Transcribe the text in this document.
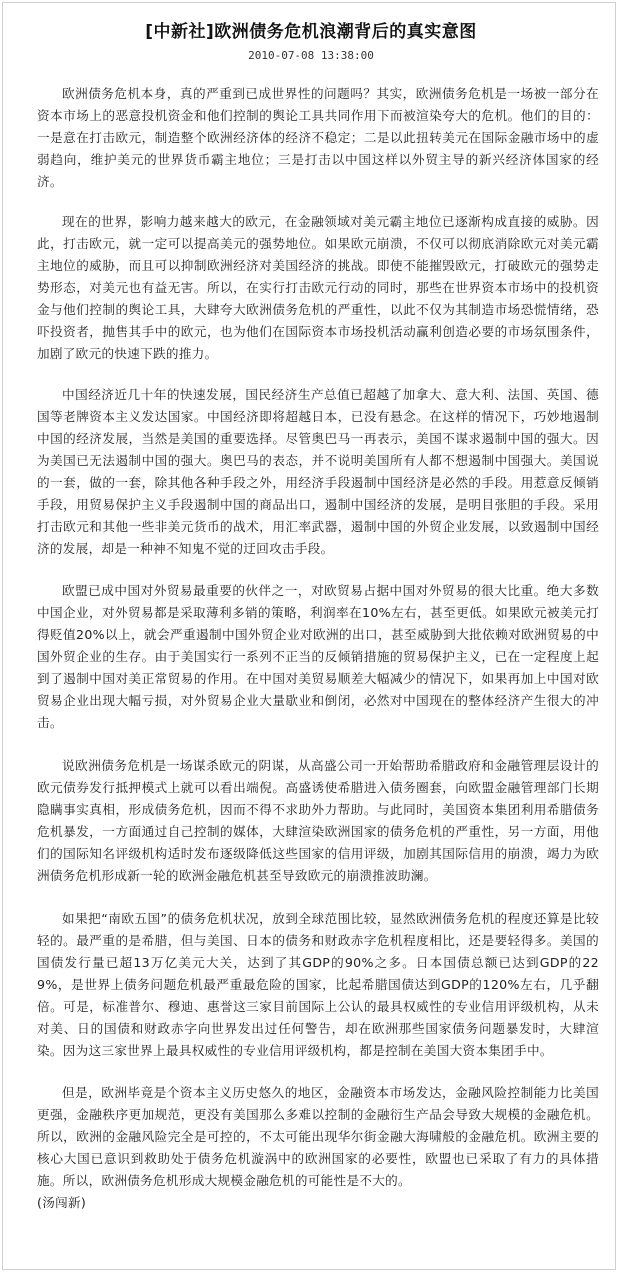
[中新社]欧洲债务危机浪潮背后的真实意图
2010-07-08 13:38:00

欧洲债务危机本身，真的严重到已成世界性的问题吗？其实，欧洲债务危机是一场被一部分在资本市场上的恶意投机资金和他们控制的舆论工具共同作用下而被渲染夸大的危机。他们的目的：一是意在打击欧元，制造整个欧洲经济体的经济不稳定；二是以此扭转美元在国际金融市场中的虚弱趋向，维护美元的世界货币霸主地位；三是打击以中国这样以外贸主导的新兴经济体国家的经济。

现在的世界，影响力越来越大的欧元，在金融领域对美元霸主地位已逐渐构成直接的威胁。因此，打击欧元，就一定可以提高美元的强势地位。如果欧元崩溃，不仅可以彻底消除欧元对美元霸主地位的威胁，而且可以抑制欧洲经济对美国经济的挑战。即使不能摧毁欧元，打破欧元的强势走势形态，对美元也有益无害。所以，在实行打击欧元行动的同时，那些在世界资本市场中的投机资金与他们控制的舆论工具，大肆夸大欧洲债务危机的严重性，以此不仅为其制造市场恐慌情绪，恐吓投资者，抛售其手中的欧元，也为他们在国际资本市场投机活动赢利创造必要的市场氛围条件，加剧了欧元的快速下跌的推力。

中国经济近几十年的快速发展，国民经济生产总值已超越了加拿大、意大利、法国、英国、德国等老牌资本主义发达国家。中国经济即将超越日本，已没有悬念。在这样的情况下，巧妙地遏制中国的经济发展，当然是美国的重要选择。尽管奥巴马一再表示，美国不谋求遏制中国的强大。因为美国已无法遏制中国的强大。奥巴马的表态，并不说明美国所有人都不想遏制中国强大。美国说的一套，做的一套，除其他各种手段之外，用经济手段遏制中国经济是必然的手段。用惹意反倾销手段，用贸易保护主义手段遏制中国的商品出口，遏制中国经济的发展，是明目张胆的手段。采用打击欧元和其他一些非美元货币的战术，用汇率武器，遏制中国的外贸企业发展，以致遏制中国经济的发展，却是一种神不知鬼不觉的迂回攻击手段。

欧盟已成中国对外贸易最重要的伙伴之一，对欧贸易占据中国对外贸易的很大比重。绝大多数中国企业，对外贸易都是采取薄利多销的策略，利润率在10%左右，甚至更低。如果欧元被美元打得贬值20%以上，就会严重遏制中国外贸企业对欧洲的出口，甚至威胁到大批依赖对欧洲贸易的中国外贸企业的生存。由于美国实行一系列不正当的反倾销措施的贸易保护主义，已在一定程度上起到了遏制中国对美正常贸易的作用。在中国对美贸易顺差大幅减少的情况下，如果再加上中国对欧贸易企业出现大幅亏损，对外贸易企业大量歇业和倒闭，必然对中国现在的整体经济产生很大的冲击。

说欧洲债务危机是一场谋杀欧元的阴谋，从高盛公司一开始帮助希腊政府和金融管理层设计的欧元债券发行抵押模式上就可以看出端倪。高盛诱使希腊进入债务圈套，向欧盟金融管理部门长期隐瞒事实真相，形成债务危机，因而不得不求助外力帮助。与此同时，美国资本集团利用希腊债务危机暴发，一方面通过自己控制的媒体，大肆渲染欧洲国家的债务危机的严重性，另一方面，用他们的国际知名评级机构适时发布逐级降低这些国家的信用评级，加剧其国际信用的崩溃，竭力为欧洲债务危机形成新一轮的欧洲金融危机甚至导致欧元的崩溃推波助澜。

如果把“南欧五国”的债务危机状况，放到全球范围比较，显然欧洲债务危机的程度还算是比较轻的。最严重的是希腊，但与美国、日本的债务和财政赤字危机程度相比，还是要轻得多。美国的国债发行量已超13万亿美元大关，达到了其GDP的90%之多。日本国债总额已达到GDP的229%，是世界上债务问题危机最严重最危险的国家，比起希腊国债达到GDP的120%左右，几乎翻倍。可是，标准普尔、穆迪、惠誉这三家目前国际上公认的最具权威性的专业信用评级机构，从未对美、日的国债和财政赤字向世界发出过任何警告，却在欧洲那些国家债务问题暴发时，大肆渲染。因为这三家世界上最具权威性的专业信用评级机构，都是控制在美国大资本集团手中。

但是，欧洲毕竟是个资本主义历史悠久的地区，金融资本市场发达，金融风险控制能力比美国更强，金融秩序更加规范，更没有美国那么多难以控制的金融衍生产品会导致大规模的金融危机。所以，欧洲的金融风险完全是可控的，不太可能出现华尔街金融大海啸般的金融危机。欧洲主要的核心大国已意识到救助处于债务危机漩涡中的欧洲国家的必要性，欧盟也已采取了有力的具体措施。所以，欧洲债务危机形成大规模金融危机的可能性是不大的。

(汤闯新)
